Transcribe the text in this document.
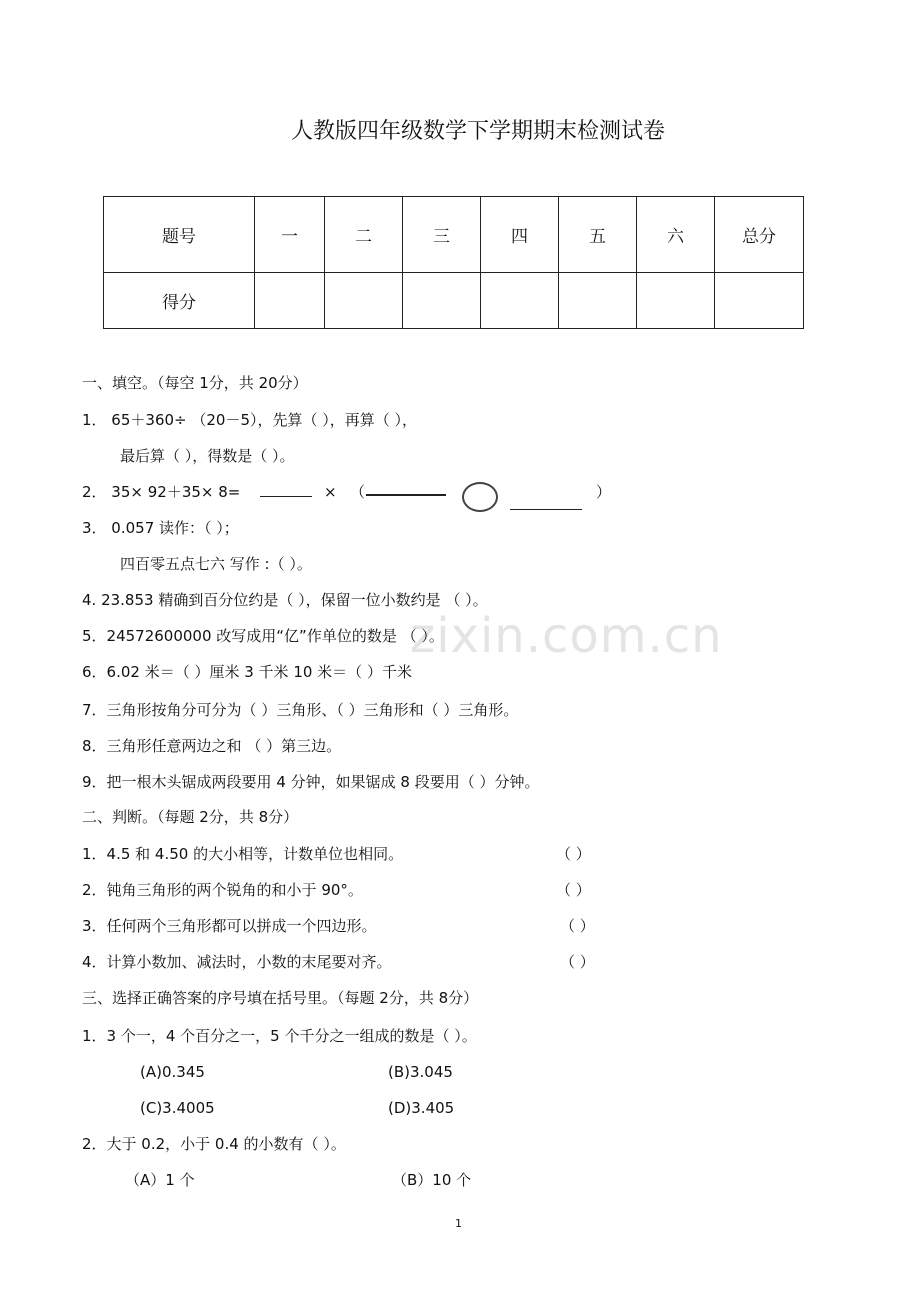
人教版四年级数学下学期期末检测试卷
题号	一	二	三	四	五	六	总分
得分							
zixin.com.cn
一、填空。（每空 1分，共 20分）
1． 65＋360÷ （20－5），先算（ ），再算（ ），
最后算（ ），得数是（ ）。
2． 35× 92＋35× 8=	× （	）
3． 0.057 读作：（ ）；
四百零五点七六 写作 :（ ）。
4. 23.853 精确到百分位约是（ ），保留一位小数约是 （ ）。
5．24572600000 改写成用“亿”作单位的数是 （ ）。
6．6.02 米＝（ ）厘米 3 千米 10 米＝（ ）千米
7．三角形按角分可分为（ ）三角形、（ ）三角形和（ ）三角形。
8．三角形任意两边之和 （ ）第三边。
9．把一根木头锯成两段要用 4 分钟，如果锯成 8 段要用（ ）分钟。
二、判断。（每题 2分，共 8分）
1．4.5 和 4.50 的大小相等，计数单位也相同。	（ ）
2．钝角三角形的两个锐角的和小于 90°。	（ ）
3．任何两个三角形都可以拼成一个四边形。	（ ）
4．计算小数加、减法时，小数的末尾要对齐。	（ ）
三、选择正确答案的序号填在括号里。（每题 2分，共 8分）
1．3 个一，4 个百分之一，5 个千分之一组成的数是（ ）。
(A)0.345	(B)3.045
(C)3.4005	(D)3.405
2．大于 0.2，小于 0.4 的小数有（ ）。
（A）1 个	（B）10 个
1
